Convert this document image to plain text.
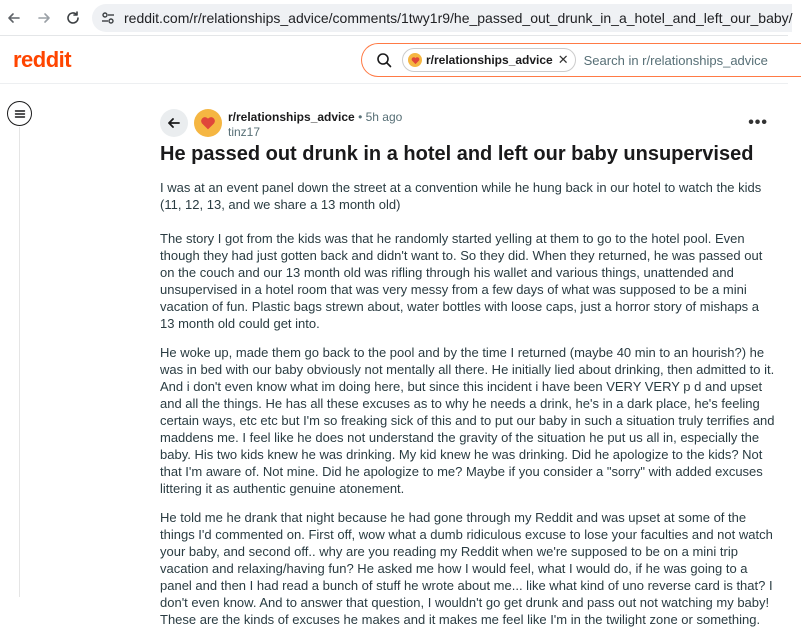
reddit.com/r/relationships_advice/comments/1twy1r9/he_passed_out_drunk_in_a_hotel_and_left_our_baby/
reddit	r/relationships_advice ✕
Search in r/relationships_advice
r/relationships_advice • 5h ago
tinz17
•••
He passed out drunk in a hotel and left our baby unsupervised

I was at an event panel down the street at a convention while he hung back in our hotel to watch the kids (11, 12, 13, and we share a 13 month old)

The story I got from the kids was that he randomly started yelling at them to go to the hotel pool. Even though they had just gotten back and didn't want to. So they did. When they returned, he was passed out on the couch and our 13 month old was rifling through his wallet and various things, unattended and unsupervised in a hotel room that was very messy from a few days of what was supposed to be a mini vacation of fun. Plastic bags strewn about, water bottles with loose caps, just a horror story of mishaps a 13 month old could get into.

He woke up, made them go back to the pool and by the time I returned (maybe 40 min to an hourish?) he was in bed with our baby obviously not mentally all there. He initially lied about drinking, then admitted to it. And i don't even know what im doing here, but since this incident i have been VERY VERY p d and upset and all the things. He has all these excuses as to why he needs a drink, he's in a dark place, he's feeling certain ways, etc etc but I'm so freaking sick of this and to put our baby in such a situation truly terrifies and maddens me. I feel like he does not understand the gravity of the situation he put us all in, especially the baby. His two kids knew he was drinking. My kid knew he was drinking. Did he apologize to the kids? Not that I'm aware of. Not mine. Did he apologize to me? Maybe if you consider a "sorry" with added excuses littering it as authentic genuine atonement.

He told me he drank that night because he had gone through my Reddit and was upset at some of the things I'd commented on. First off, wow what a dumb ridiculous excuse to lose your faculties and not watch your baby, and second off.. why are you reading my Reddit when we're supposed to be on a mini trip vacation and relaxing/having fun? He asked me how I would feel, what I would do, if he was going to a panel and then I had read a bunch of stuff he wrote about me... like what kind of uno reverse card is that? I don't even know. And to answer that question, I wouldn't go get drunk and pass out not watching my baby! These are the kinds of excuses he makes and it makes me feel like I'm in the twilight zone or something.
